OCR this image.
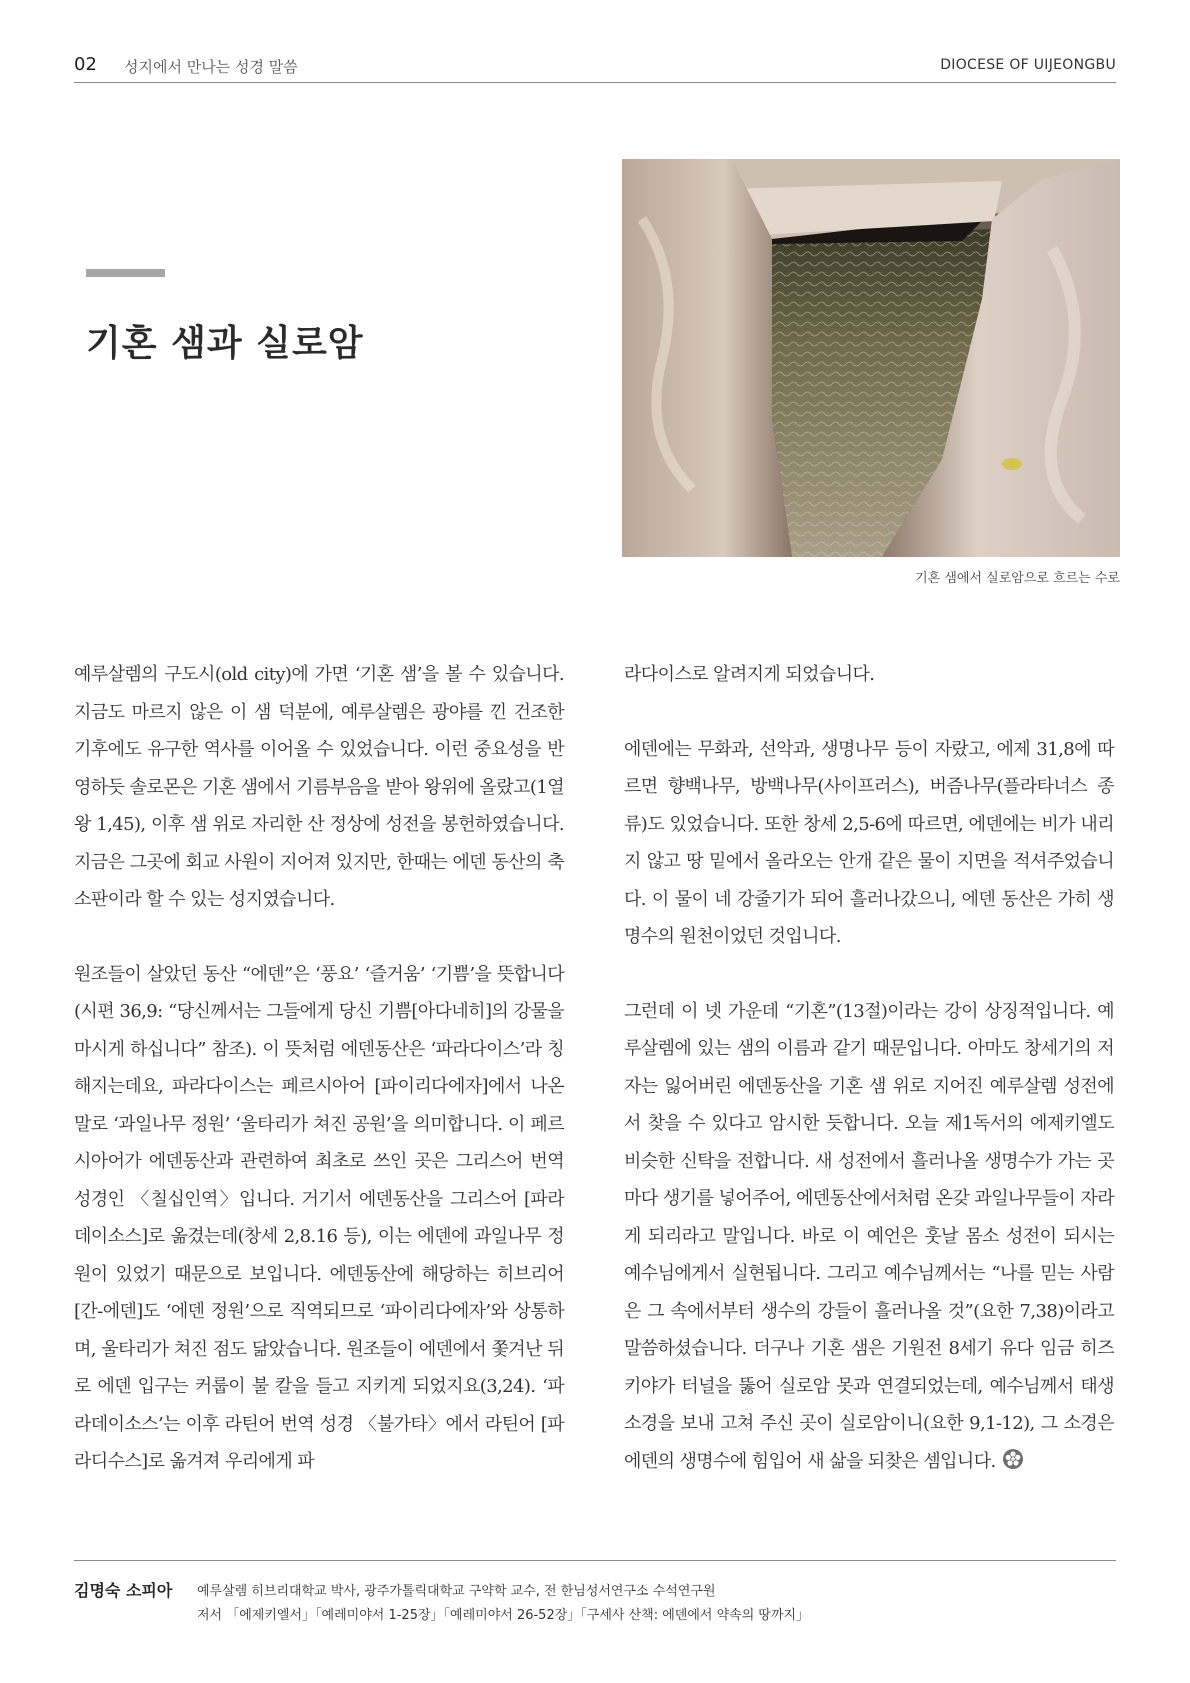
02 성지에서 만나는 성경 말씀	DIOCESE OF UIJEONGBU
기혼 샘과 실로암
기혼 샘에서 실로암으로 흐르는 수로

예루살렘의 구도시(old city)에 가면 ‘기혼 샘’을 볼 수 있습니다. 지금도 마르지 않은 이 샘 덕분에, 예루살렘은 광야를 낀 건조한 기후에도 유구한 역사를 이어올 수 있었습니다. 이런 중요성을 반영하듯 솔로몬은 기혼 샘에서 기름부음을 받아 왕위에 올랐고(1열왕 1,45), 이후 샘 위로 자리한 산 정상에 성전을 봉헌하였습니다. 지금은 그곳에 회교 사원이 지어져 있지만, 한때는 에덴 동산의 축소판이라 할 수 있는 성지였습니다.

원조들이 살았던 동산 “에덴”은 ‘풍요’ ‘즐거움’ ‘기쁨’을 뜻합니다(시편 36,9: “당신께서는 그들에게 당신 기쁨[아다네히]의 강물을 마시게 하십니다” 참조). 이 뜻처럼 에덴동산은 ‘파라다이스’라 칭해지는데요, 파라다이스는 페르시아어 [파이리다에자]에서 나온 말로 ‘과일나무 정원’ ‘울타리가 쳐진 공원’을 의미합니다. 이 페르시아어가 에덴동산과 관련하여 최초로 쓰인 곳은 그리스어 번역 성경인 〈칠십인역〉입니다. 거기서 에덴동산을 그리스어 [파라데이소스]로 옮겼는데(창세 2,8.16 등), 이는 에덴에 과일나무 정원이 있었기 때문으로 보입니다. 에덴동산에 해당하는 히브리어 [간-에덴]도 ‘에덴 정원’으로 직역되므로 ‘파이리다에자’와 상통하며, 울타리가 쳐진 점도 닮았습니다. 원조들이 에덴에서 쫓겨난 뒤로 에덴 입구는 커룹이 불 칼을 들고 지키게 되었지요(3,24). ‘파라데이소스’는 이후 라틴어 번역 성경 〈불가타〉에서 라틴어 [파라디수스]로 옮겨져 우리에게 파

라다이스로 알려지게 되었습니다.

에덴에는 무화과, 선악과, 생명나무 등이 자랐고, 에제 31,8에 따르면 향백나무, 방백나무(사이프러스), 버즘나무(플라타너스 종류)도 있었습니다. 또한 창세 2,5-6에 따르면, 에덴에는 비가 내리지 않고 땅 밑에서 올라오는 안개 같은 물이 지면을 적셔주었습니다. 이 물이 네 강줄기가 되어 흘러나갔으니, 에덴 동산은 가히 생명수의 원천이었던 것입니다.

그런데 이 넷 가운데 “기혼”(13절)이라는 강이 상징적입니다. 예루살렘에 있는 샘의 이름과 같기 때문입니다. 아마도 창세기의 저자는 잃어버린 에덴동산을 기혼 샘 위로 지어진 예루살렘 성전에서 찾을 수 있다고 암시한 듯합니다. 오늘 제1독서의 에제키엘도 비슷한 신탁을 전합니다. 새 성전에서 흘러나올 생명수가 가는 곳마다 생기를 넣어주어, 에덴동산에서처럼 온갖 과일나무들이 자라게 되리라고 말입니다. 바로 이 예언은 훗날 몸소 성전이 되시는 예수님에게서 실현됩니다. 그리고 예수님께서는 “나를 믿는 사람은 그 속에서부터 생수의 강들이 흘러나올 것”(요한 7,38)이라고 말씀하셨습니다. 더구나 기혼 샘은 기원전 8세기 유다 임금 히즈키야가 터널을 뚫어 실로암 못과 연결되었는데, 예수님께서 태생 소경을 보내 고쳐 주신 곳이 실로암이니(요한 9,1-12), 그 소경은 에덴의 생명수에 힘입어 새 삶을 되찾은 셈입니다.

김명숙 소피아 예루살렘 히브리대학교 박사, 광주가톨릭대학교 구약학 교수, 전 한님성서연구소 수석연구원
저서 「에제키엘서」「예레미야서 1-25장」「예레미야서 26-52장」「구세사 산책: 에덴에서 약속의 땅까지」
